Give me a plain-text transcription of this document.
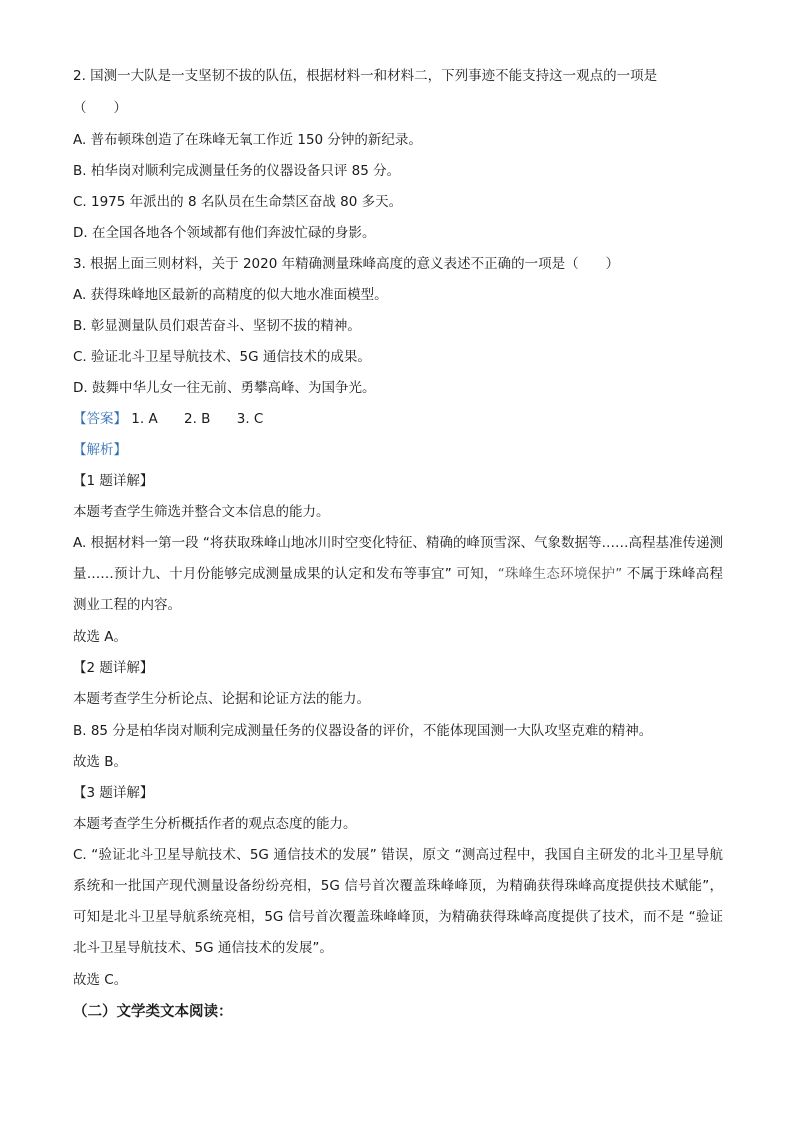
2. 国测一大队是一支坚韧不拔的队伍，根据材料一和材料二，下列事迹不能支持这一观点的一项是
（　　）
A. 普布顿珠创造了在珠峰无氧工作近 150 分钟的新纪录。
B. 柏华岗对顺利完成测量任务的仪器设备只评 85 分。
C. 1975 年派出的 8 名队员在生命禁区奋战 80 多天。
D. 在全国各地各个领域都有他们奔波忙碌的身影。
3. 根据上面三则材料，关于 2020 年精确测量珠峰高度的意义表述不正确的一项是（　　）
A. 获得珠峰地区最新的高精度的似大地水准面模型。
B. 彰显测量队员们艰苦奋斗、坚韧不拔的精神。
C. 验证北斗卫星导航技术、5G 通信技术的成果。
D. 鼓舞中华儿女一往无前、勇攀高峰、为国争光。
【答案】 1. A 2. B 3. C
【解析】
【1 题详解】
本题考查学生筛选并整合文本信息的能力。
A. 根据材料一第一段 “将获取珠峰山地冰川时空变化特征、精确的峰顶雪深、气象数据等……高程基准传递测量……预计九、十月份能够完成测量成果的认定和发布等事宜” 可知，“珠峰生态环境保护” 不属于珠峰高程测业工程的内容。
故选 A。
【2 题详解】
本题考查学生分析论点、论据和论证方法的能力。
B. 85 分是柏华岗对顺利完成测量任务的仪器设备的评价，不能体现国测一大队攻坚克难的精神。
故选 B。
【3 题详解】
本题考查学生分析概括作者的观点态度的能力。
C. “验证北斗卫星导航技术、5G 通信技术的发展” 错误，原文 “测高过程中，我国自主研发的北斗卫星导航系统和一批国产现代测量设备纷纷亮相，5G 信号首次覆盖珠峰峰顶，为精确获得珠峰高度提供技术赋能”，可知是北斗卫星导航系统亮相，5G 信号首次覆盖珠峰峰顶，为精确获得珠峰高度提供了技术，而不是 “验证北斗卫星导航技术、5G 通信技术的发展”。
故选 C。
（二）文学类文本阅读：
